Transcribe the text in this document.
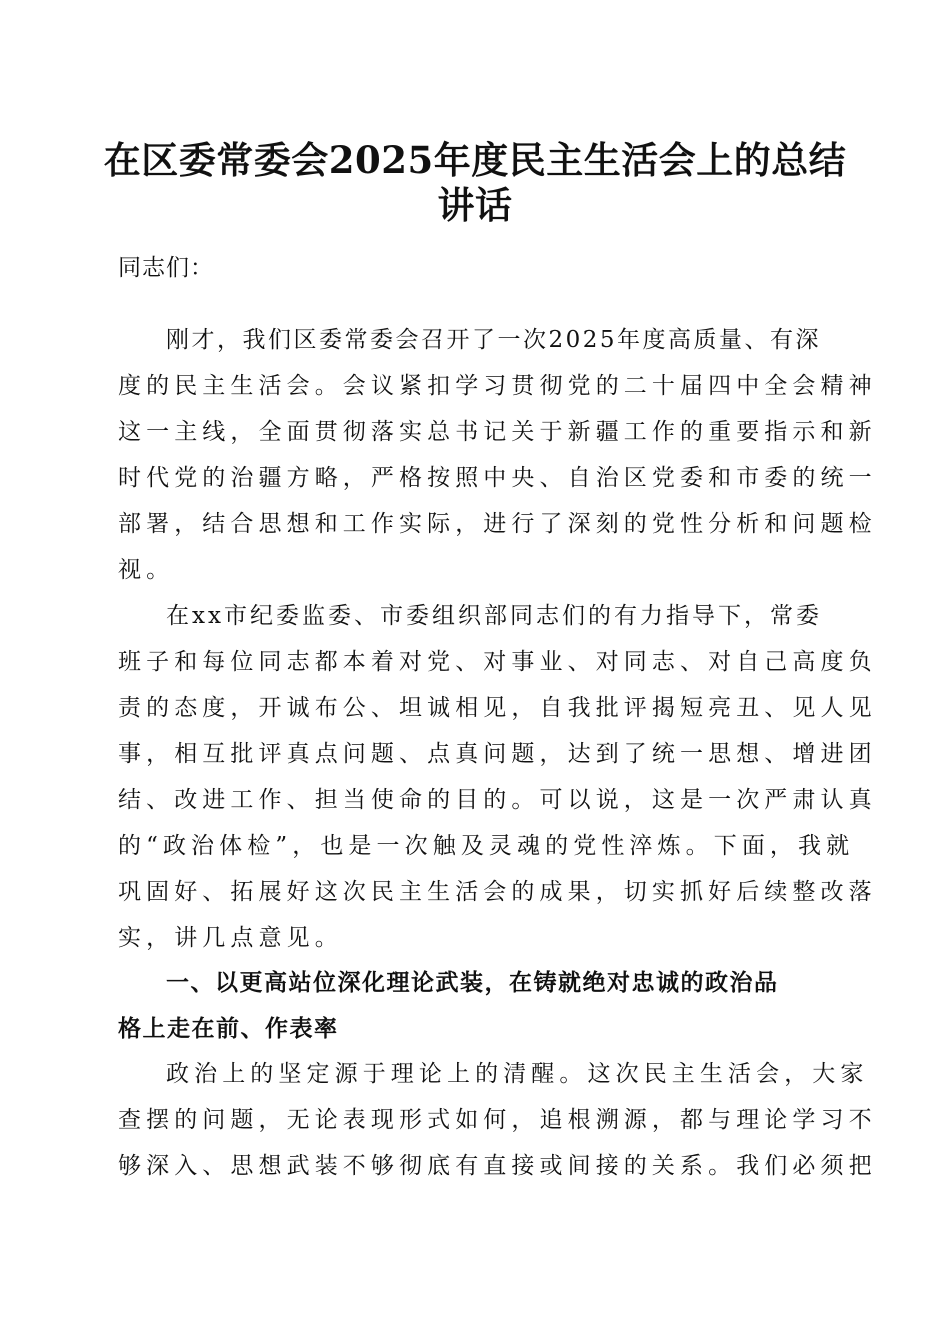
在区委常委会2025年度民主生活会上的总结
讲话

同志们：

刚才，我们区委常委会召开了一次2025年度高质量、有深

度的民主生活会。会议紧扣学习贯彻党的二十届四中全会精神

这一主线，全面贯彻落实总书记关于新疆工作的重要指示和新

时代党的治疆方略，严格按照中央、自治区党委和市委的统一

部署，结合思想和工作实际，进行了深刻的党性分析和问题检

视。

在xx市纪委监委、市委组织部同志们的有力指导下，常委

班子和每位同志都本着对党、对事业、对同志、对自己高度负

责的态度，开诚布公、坦诚相见，自我批评揭短亮丑、见人见

事，相互批评真点问题、点真问题，达到了统一思想、增进团

结、改进工作、担当使命的目的。可以说，这是一次严肃认真

的“政治体检”，也是一次触及灵魂的党性淬炼。下面，我就

巩固好、拓展好这次民主生活会的成果，切实抓好后续整改落

实，讲几点意见。

一、以更高站位深化理论武装，在铸就绝对忠诚的政治品

格上走在前、作表率

政治上的坚定源于理论上的清醒。这次民主生活会，大家

查摆的问题，无论表现形式如何，追根溯源，都与理论学习不

够深入、思想武装不够彻底有直接或间接的关系。我们必须把
